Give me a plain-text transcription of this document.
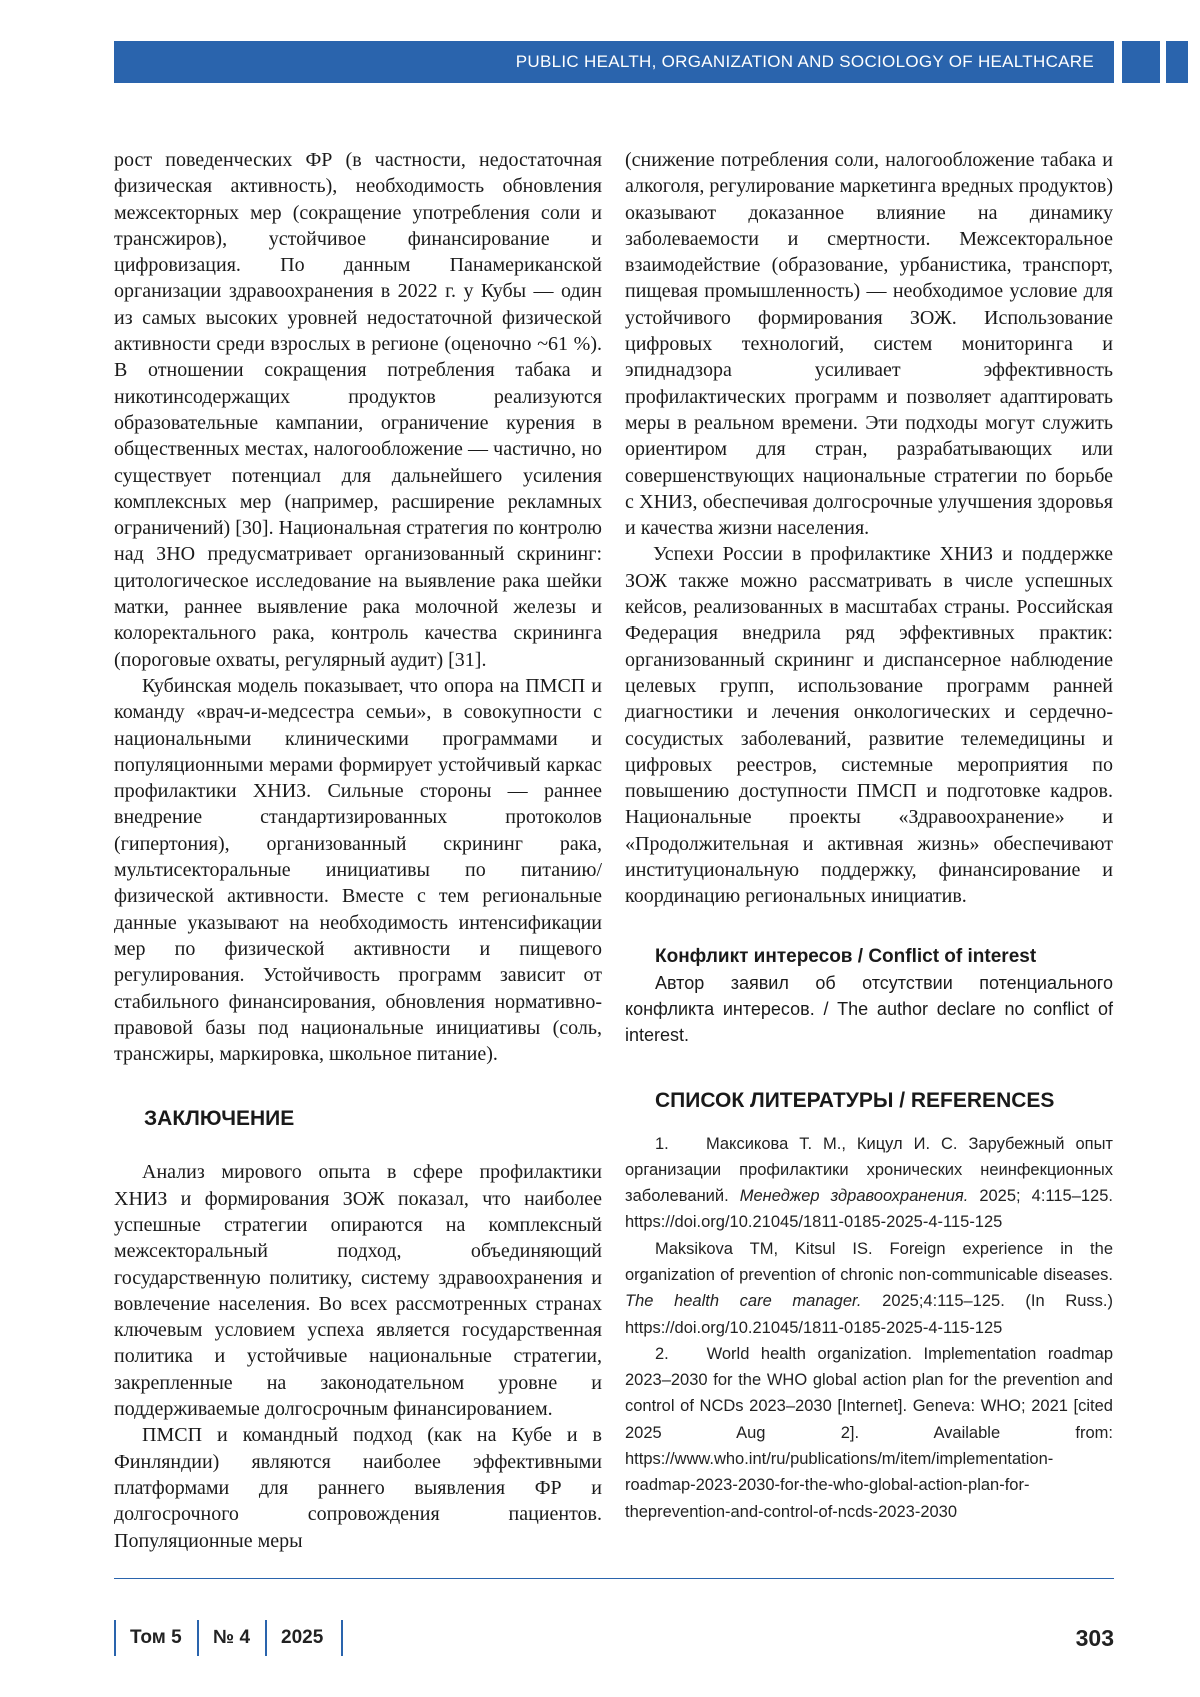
PUBLIC HEALTH, ORGANIZATION AND SOCIOLOGY OF HEALTHCARE

рост поведенческих ФР (в частности, недостаточная физическая активность), необходимость обновления межсекторных мер (сокращение употребления соли и трансжиров), устойчивое финансирование и цифровизация. По данным Панамериканской организации здравоохранения в 2022 г. у Кубы — один из самых высоких уровней недостаточной физической активности среди взрослых в регионе (оценочно ~61 %). В отношении сокращения потребления табака и никотинсодержащих продуктов реализуются образовательные кампании, ограничение курения в общественных местах, налогообложение — частично, но существует потенциал для дальнейшего усиления комплексных мер (например, расширение рекламных ограничений) [30]. Национальная стратегия по контролю над ЗНО предусматривает организованный скрининг: цитологическое исследование на выявление рака шейки матки, раннее выявление рака молочной железы и колоректального рака, контроль качества скрининга (пороговые охваты, регулярный аудит) [31].

Кубинская модель показывает, что опора на ПМСП и команду «врач-и-медсестра семьи», в совокупности с национальными клиническими программами и популяционными мерами формирует устойчивый каркас профилактики ХНИЗ. Сильные стороны — раннее внедрение стандартизированных протоколов (гипертония), организованный скрининг рака, мультисекторальные инициативы по питанию/физической активности. Вместе с тем региональные данные указывают на необходимость интенсификации мер по физической активности и пищевого регулирования. Устойчивость программ зависит от стабильного финансирования, обновления нормативно-правовой базы под национальные инициативы (соль, трансжиры, маркировка, школьное питание).

ЗАКЛЮЧЕНИЕ

Анализ мирового опыта в сфере профилактики ХНИЗ и формирования ЗОЖ показал, что наиболее успешные стратегии опираются на комплексный межсекторальный подход, объединяющий государственную политику, систему здравоохранения и вовлечение населения. Во всех рассмотренных странах ключевым условием успеха является государственная политика и устойчивые национальные стратегии, закрепленные на законодательном уровне и поддерживаемые долгосрочным финансированием.

ПМСП и командный подход (как на Кубе и в Финляндии) являются наиболее эффективными платформами для раннего выявления ФР и долгосрочного сопровождения пациентов. Популяционные меры

(снижение потребления соли, налогообложение табака и алкоголя, регулирование маркетинга вредных продуктов) оказывают доказанное влияние на динамику заболеваемости и смертности. Межсекторальное взаимодействие (образование, урбанистика, транспорт, пищевая промышленность) — необходимое условие для устойчивого формирования ЗОЖ. Использование цифровых технологий, систем мониторинга и эпиднадзора усиливает эффективность профилактических программ и позволяет адаптировать меры в реальном времени. Эти подходы могут служить ориентиром для стран, разрабатывающих или совершенствующих национальные стратегии по борьбе с ХНИЗ, обеспечивая долгосрочные улучшения здоровья и качества жизни населения.

Успехи России в профилактике ХНИЗ и поддержке ЗОЖ также можно рассматривать в числе успешных кейсов, реализованных в масштабах страны. Российская Федерация внедрила ряд эффективных практик: организованный скрининг и диспансерное наблюдение целевых групп, использование программ ранней диагностики и лечения онкологических и сердечно-сосудистых заболеваний, развитие телемедицины и цифровых реестров, системные мероприятия по повышению доступности ПМСП и подготовке кадров. Национальные проекты «Здравоохранение» и «Продолжительная и активная жизнь» обеспечивают институциональную поддержку, финансирование и координацию региональных инициатив.

Конфликт интересов / Conflict of interest

Автор заявил об отсутствии потенциального конфликта интересов. / The author declare no conflict of interest.

СПИСОК ЛИТЕРАТУРЫ / REFERENCES

1. Максикова Т. М., Кицул И. С. Зарубежный опыт организации профилактики хронических неинфекционных заболеваний. Менеджер здравоохранения. 2025; 4:115–125. https://doi.org/10.21045/1811-0185-2025-4-115-125

Maksikova TM, Kitsul IS. Foreign experience in the organization of prevention of chronic non-communicable diseases. The health care manager. 2025;4:115–125. (In Russ.) https://doi.org/10.21045/1811-0185-2025-4-115-125

2. World health organization. Implementation roadmap 2023–2030 for the WHO global action plan for the prevention and control of NCDs 2023–2030 [Internet]. Geneva: WHO; 2021 [cited 2025 Aug 2]. Available from: https://www.who.int/ru/publications/m/item/implementation-roadmap-2023-2030-for-the-who-global-action-plan-for-theprevention-and-control-of-ncds-2023-2030

Том 5	№ 4	2025	303
